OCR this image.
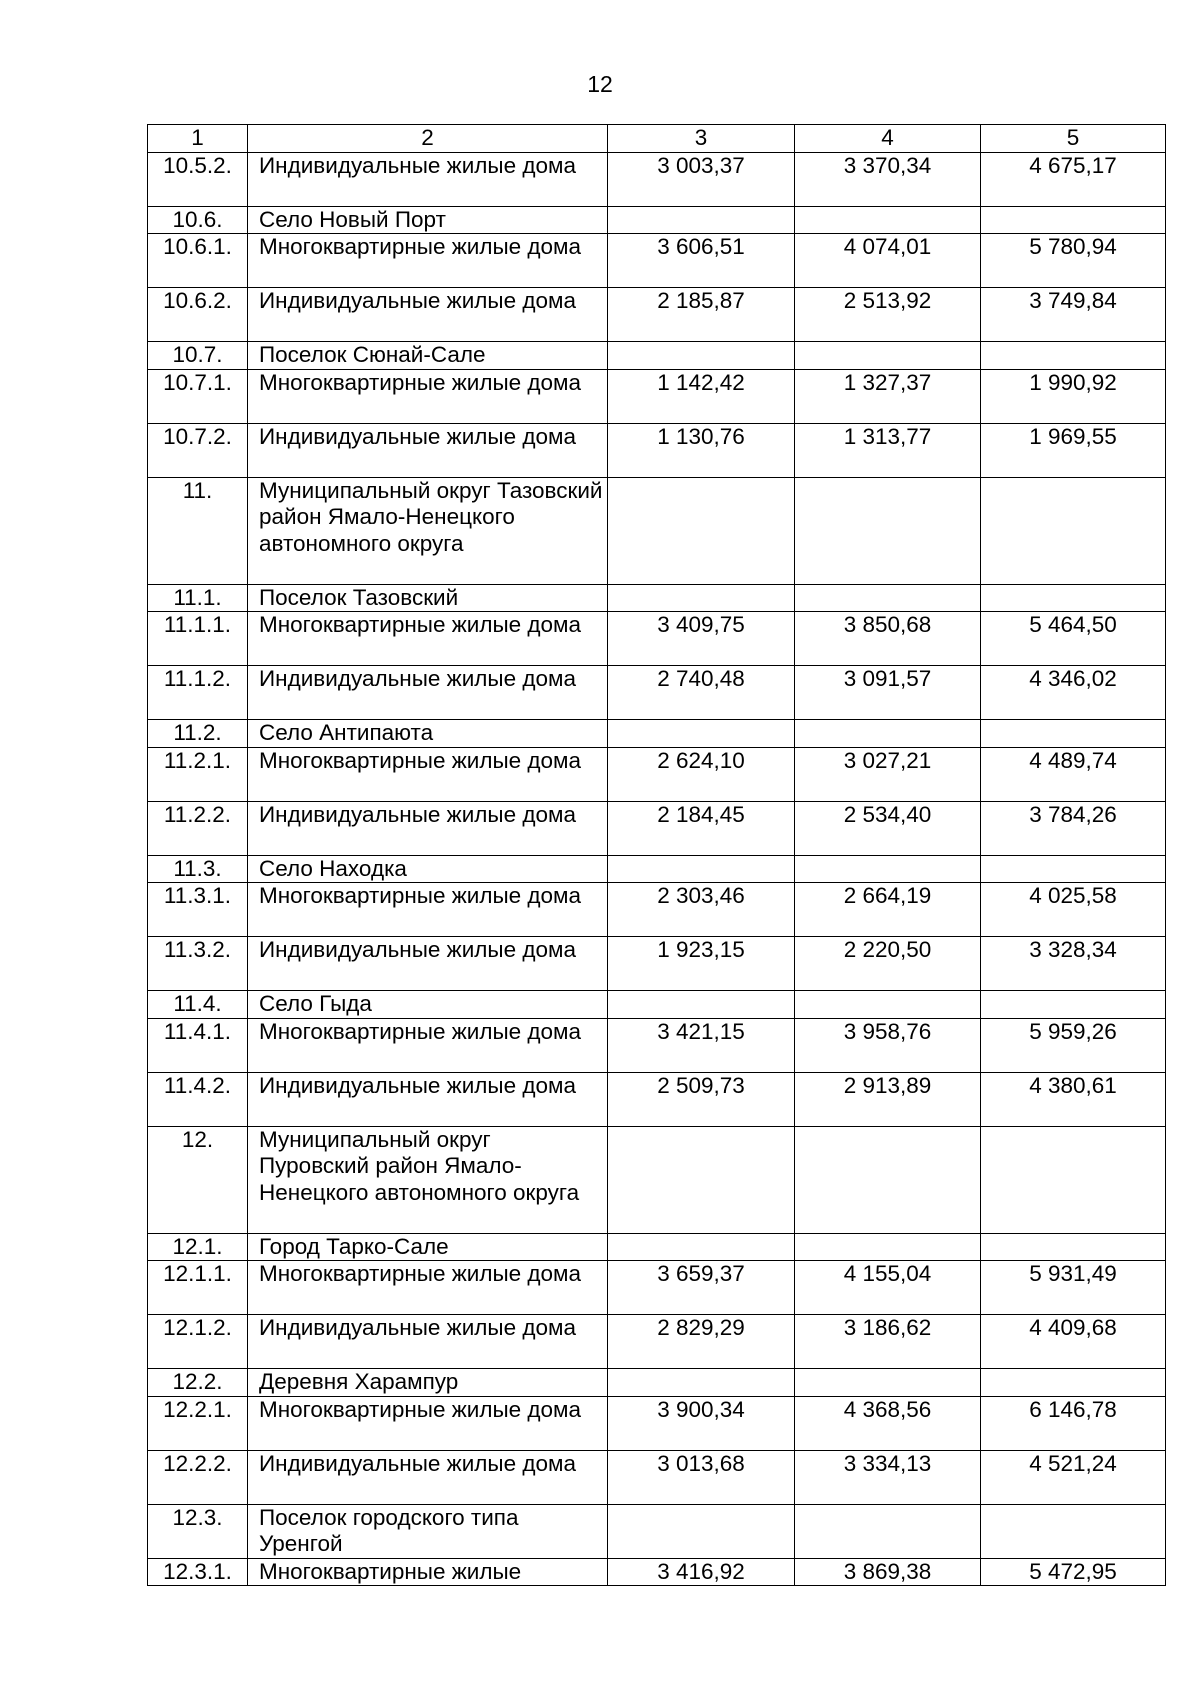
12
1	2	3	4	5
10.5.2.	Индивидуальные жилые дома	3 003,37	3 370,34	4 675,17
10.6.	Село Новый Порт			
10.6.1.	Многоквартирные жилые дома	3 606,51	4 074,01	5 780,94
10.6.2.	Индивидуальные жилые дома	2 185,87	2 513,92	3 749,84
10.7.	Поселок Сюнай-Сале			
10.7.1.	Многоквартирные жилые дома	1 142,42	1 327,37	1 990,92
10.7.2.	Индивидуальные жилые дома	1 130,76	1 313,77	1 969,55
11.	Муниципальный округ Тазовский район Ямало-Ненецкого автономного округа			
11.1.	Поселок Тазовский			
11.1.1.	Многоквартирные жилые дома	3 409,75	3 850,68	5 464,50
11.1.2.	Индивидуальные жилые дома	2 740,48	3 091,57	4 346,02
11.2.	Село Антипаюта			
11.2.1.	Многоквартирные жилые дома	2 624,10	3 027,21	4 489,74
11.2.2.	Индивидуальные жилые дома	2 184,45	2 534,40	3 784,26
11.3.	Село Находка			
11.3.1.	Многоквартирные жилые дома	2 303,46	2 664,19	4 025,58
11.3.2.	Индивидуальные жилые дома	1 923,15	2 220,50	3 328,34
11.4.	Село Гыда			
11.4.1.	Многоквартирные жилые дома	3 421,15	3 958,76	5 959,26
11.4.2.	Индивидуальные жилые дома	2 509,73	2 913,89	4 380,61
12.	Муниципальный округ Пуровский район Ямало-Ненецкого автономного округа			
12.1.	Город Тарко-Сале			
12.1.1.	Многоквартирные жилые дома	3 659,37	4 155,04	5 931,49
12.1.2.	Индивидуальные жилые дома	2 829,29	3 186,62	4 409,68
12.2.	Деревня Харампур			
12.2.1.	Многоквартирные жилые дома	3 900,34	4 368,56	6 146,78
12.2.2.	Индивидуальные жилые дома	3 013,68	3 334,13	4 521,24
12.3.	Поселок городского типа Уренгой			
12.3.1.	Многоквартирные жилые	3 416,92	3 869,38	5 472,95
